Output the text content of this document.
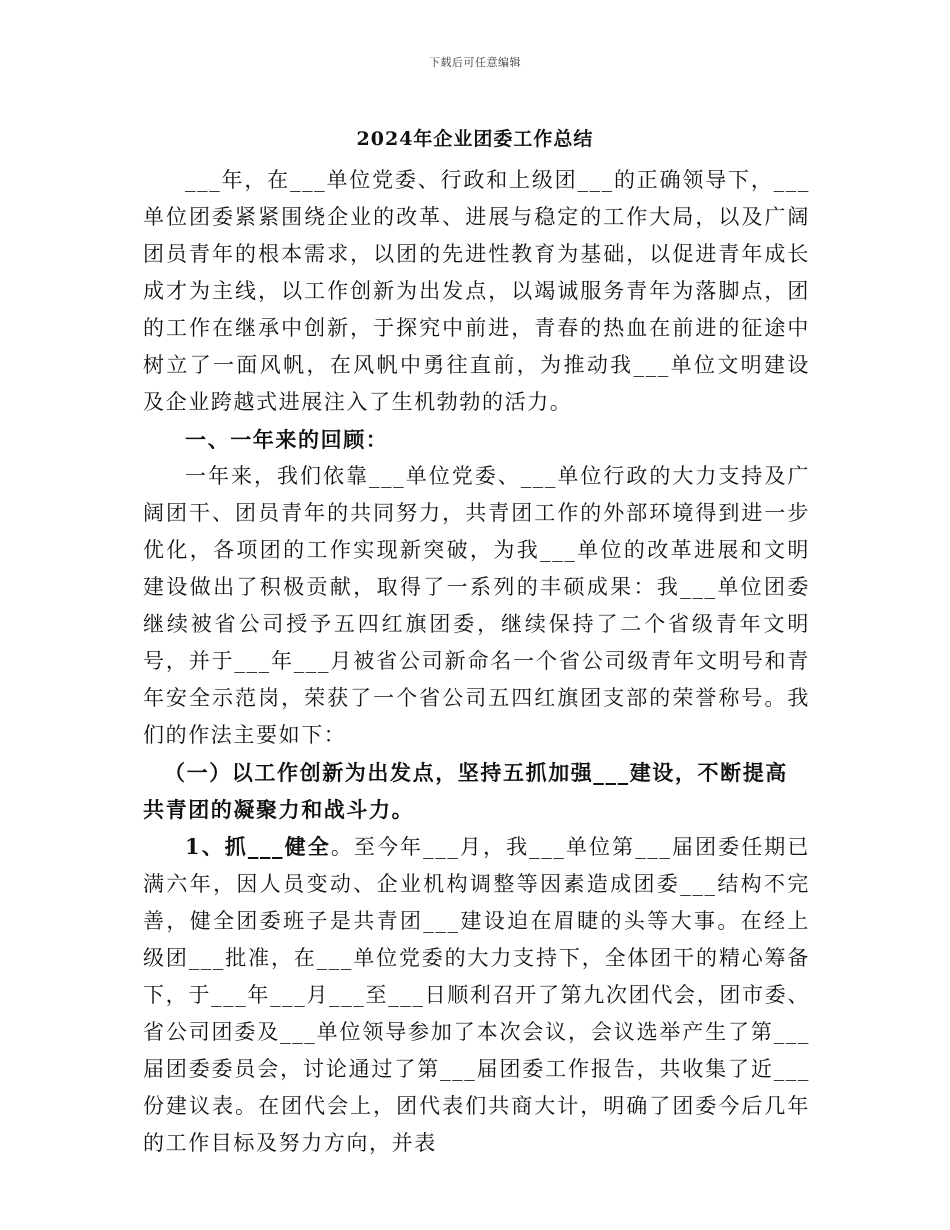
下载后可任意编辑
2024年企业团委工作总结

___年，在___单位党委、行政和上级团___的正确领导下，___单位团委紧紧围绕企业的改革、进展与稳定的工作大局，以及广阔团员青年的根本需求，以团的先进性教育为基础，以促进青年成长成才为主线，以工作创新为出发点，以竭诚服务青年为落脚点，团的工作在继承中创新，于探究中前进，青春的热血在前进的征途中树立了一面风帆，在风帆中勇往直前，为推动我___单位文明建设及企业跨越式进展注入了生机勃勃的活力。

一、一年来的回顾：

一年来，我们依靠___单位党委、___单位行政的大力支持及广阔团干、团员青年的共同努力，共青团工作的外部环境得到进一步优化，各项团的工作实现新突破，为我___单位的改革进展和文明建设做出了积极贡献，取得了一系列的丰硕成果：我___单位团委继续被省公司授予五四红旗团委，继续保持了二个省级青年文明号，并于___年___月被省公司新命名一个省公司级青年文明号和青年安全示范岗，荣获了一个省公司五四红旗团支部的荣誉称号。我们的作法主要如下：

（一）以工作创新为出发点，坚持五抓加强___建设，不断提高共青团的凝聚力和战斗力。

1、抓___健全。至今年___月，我___单位第___届团委任期已满六年，因人员变动、企业机构调整等因素造成团委___结构不完善，健全团委班子是共青团___建设迫在眉睫的头等大事。在经上级团___批准，在___单位党委的大力支持下，全体团干的精心筹备下，于___年___月___至___日顺利召开了第九次团代会，团市委、省公司团委及___单位领导参加了本次会议，会议选举产生了第___届团委委员会，讨论通过了第___届团委工作报告，共收集了近___份建议表。在团代会上，团代表们共商大计，明确了团委今后几年的工作目标及努力方向，并表
